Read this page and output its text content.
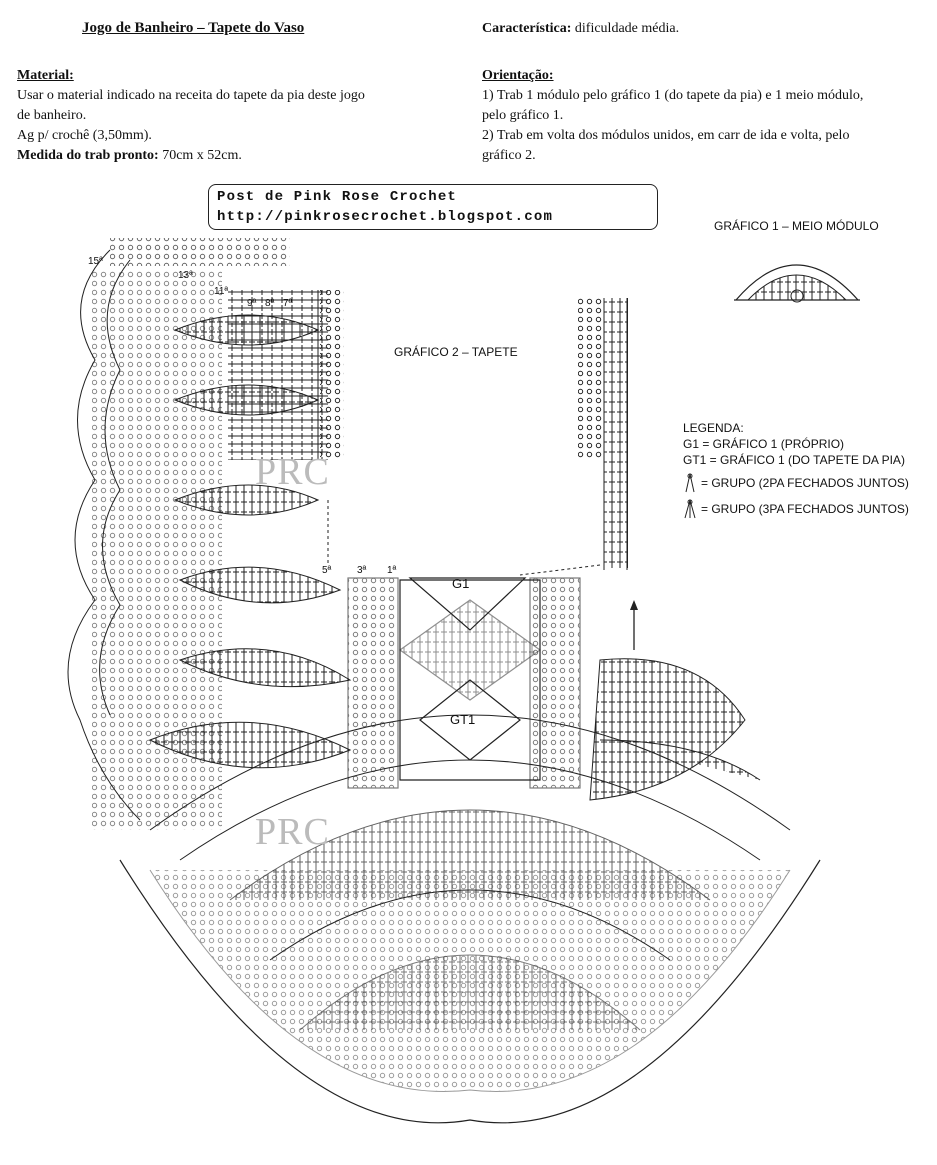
Jogo de Banheiro – Tapete do Vaso	Característica: dificuldade média.
Material:
Usar o material indicado na receita do tapete da pia deste jogo
de banheiro.
Ag p/ crochê (3,50mm).
Medida do trab pronto: 70cm x 52cm.
Orientação:
1) Trab 1 módulo pelo gráfico 1 (do tapete da pia) e 1 meio módulo,
pelo gráfico 1.
2) Trab em volta dos módulos unidos, em carr de ida e volta, pelo
gráfico 2.
Post de Pink Rose Crochet
http://pinkrosecrochet.blogspot.com
GRÁFICO 1 – MEIO MÓDULO
GRÁFICO 2 – TAPETE
G1
GT1
15ª
13ª
11ª
9ª 8ª 7ª
5ª	3ª 1ª
PRC
PRC
LEGENDA:
G1 = GRÁFICO 1 (PRÓPRIO)
GT1 = GRÁFICO 1 (DO TAPETE DA PIA)
= GRUPO (2PA FECHADOS JUNTOS)
= GRUPO (3PA FECHADOS JUNTOS)
